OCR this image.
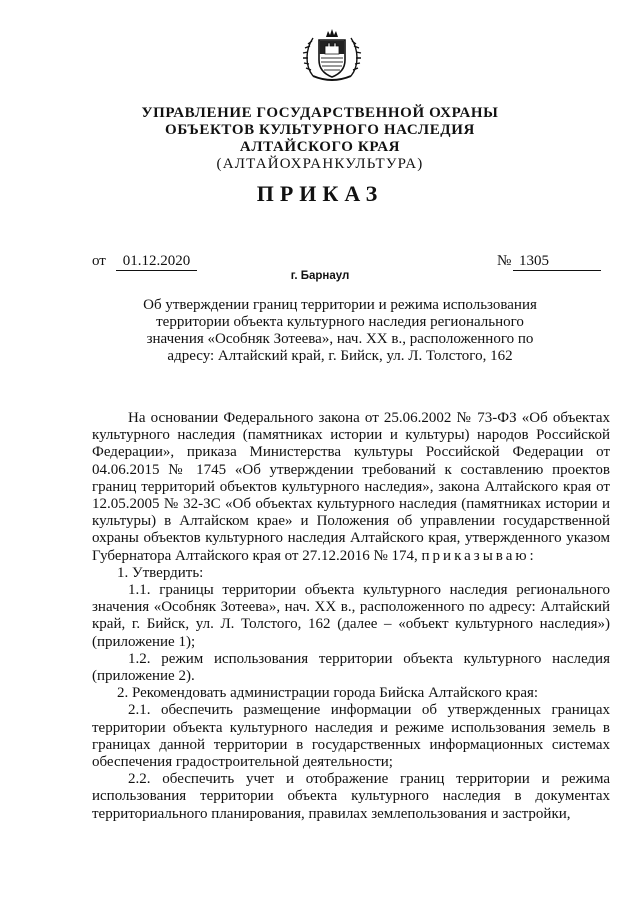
УПРАВЛЕНИЕ ГОСУДАРСТВЕННОЙ ОХРАНЫ
ОБЪЕКТОВ КУЛЬТУРНОГО НАСЛЕДИЯ
АЛТАЙСКОГО КРАЯ
(АЛТАЙОХРАНКУЛЬТУРА)
ПРИКАЗ
от	01.12.2020	№ 1305
г. Барнаул
Об утверждении границ территории и режима использования территории объекта культурного наследия регионального значения «Особняк Зотеева», нач. XX в., расположенного по адресу: Алтайский край, г. Бийск, ул. Л. Толстого, 162

На основании Федерального закона от 25.06.2002 № 73-ФЗ «Об объектах культурного наследия (памятниках истории и культуры) народов Российской Федерации», приказа Министерства культуры Российской Федерации от 04.06.2015 № 1745 «Об утверждении требований к составлению проектов границ территорий объектов культурного наследия», закона Алтайского края от 12.05.2005 № 32-ЗС «Об объектах культурного наследия (памятниках истории и культуры) в Алтайском крае» и Положения об управлении государственной охраны объектов культурного наследия Алтайского края, утвержденного указом Губернатора Алтайского края от 27.12.2016 № 174, приказываю:

1. Утвердить:

1.1. границы территории объекта культурного наследия регионального значения «Особняк Зотеева», нач. XX в., расположенного по адресу: Алтайский край, г. Бийск, ул. Л. Толстого, 162 (далее – «объект культурного наследия») (приложение 1);

1.2. режим использования территории объекта культурного наследия (приложение 2).

2. Рекомендовать администрации города Бийска Алтайского края:

2.1. обеспечить размещение информации об утвержденных границах территории объекта культурного наследия и режиме использования земель в границах данной территории в государственных информационных системах обеспечения градостроительной деятельности;

2.2. обеспечить учет и отображение границ территории и режима использования территории объекта культурного наследия в документах территориального планирования, правилах землепользования и застройки,
